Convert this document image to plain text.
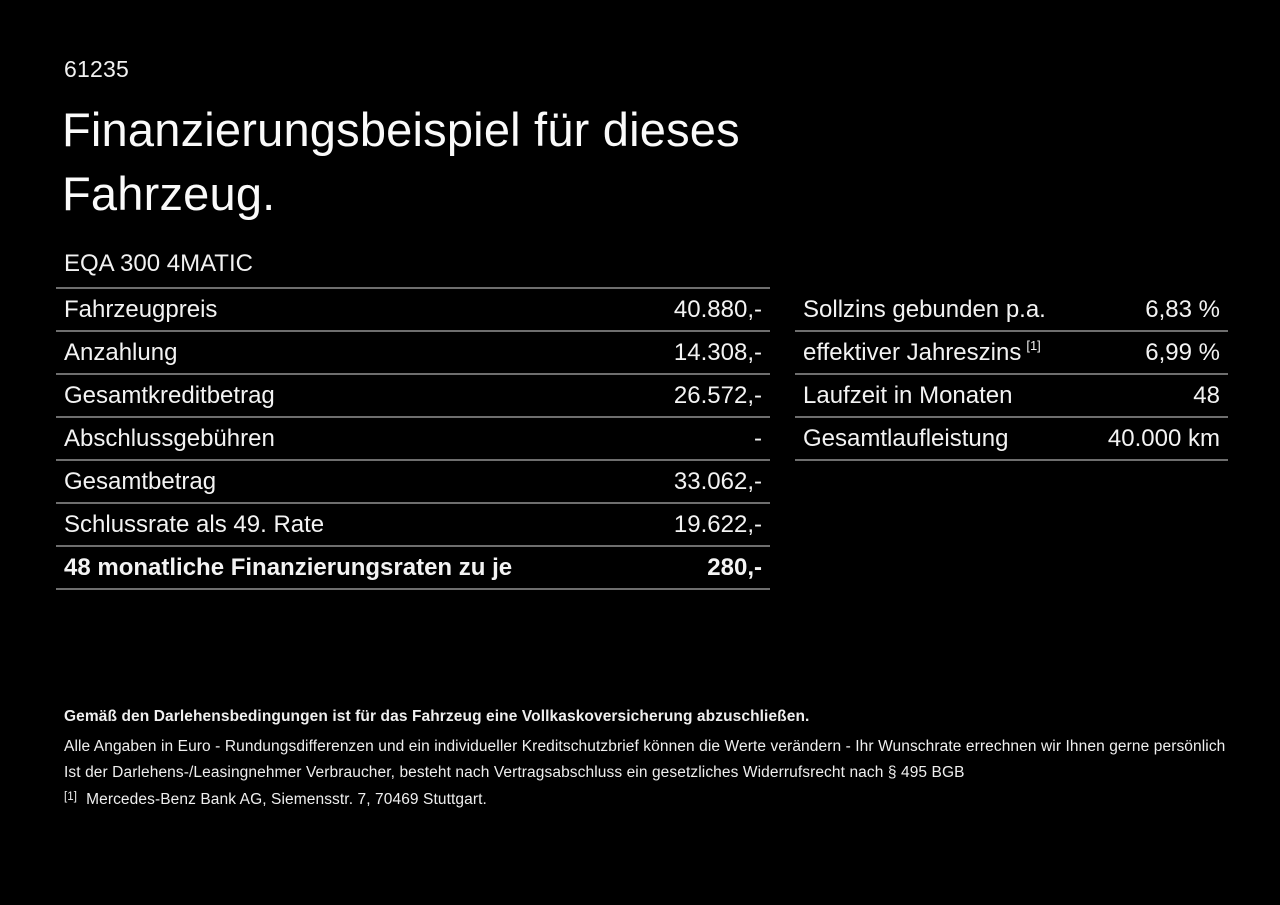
61235
Finanzierungsbeispiel für dieses
Fahrzeug.
EQA 300 4MATIC
Fahrzeugpreis	40.880,-
Anzahlung	14.308,-
Gesamtkreditbetrag	26.572,-
Abschlussgebühren	-
Gesamtbetrag	33.062,-
Schlussrate als 49. Rate	19.622,-
48 monatliche Finanzierungsraten zu je	280,-
Sollzins gebunden p.a.	6,83 %
effektiver Jahreszins [1]	6,99 %
Laufzeit in Monaten	48
Gesamtlaufleistung	40.000 km
Gemäß den Darlehensbedingungen ist für das Fahrzeug eine Vollkaskoversicherung abzuschließen.
Alle Angaben in Euro - Rundungsdifferenzen und ein individueller Kreditschutzbrief können die Werte verändern - Ihr Wunschrate errechnen wir Ihnen gerne persönlich
Ist der Darlehens-/Leasingnehmer Verbraucher, besteht nach Vertragsabschluss ein gesetzliches Widerrufsrecht nach § 495 BGB
[1] Mercedes-Benz Bank AG, Siemensstr. 7, 70469 Stuttgart.
